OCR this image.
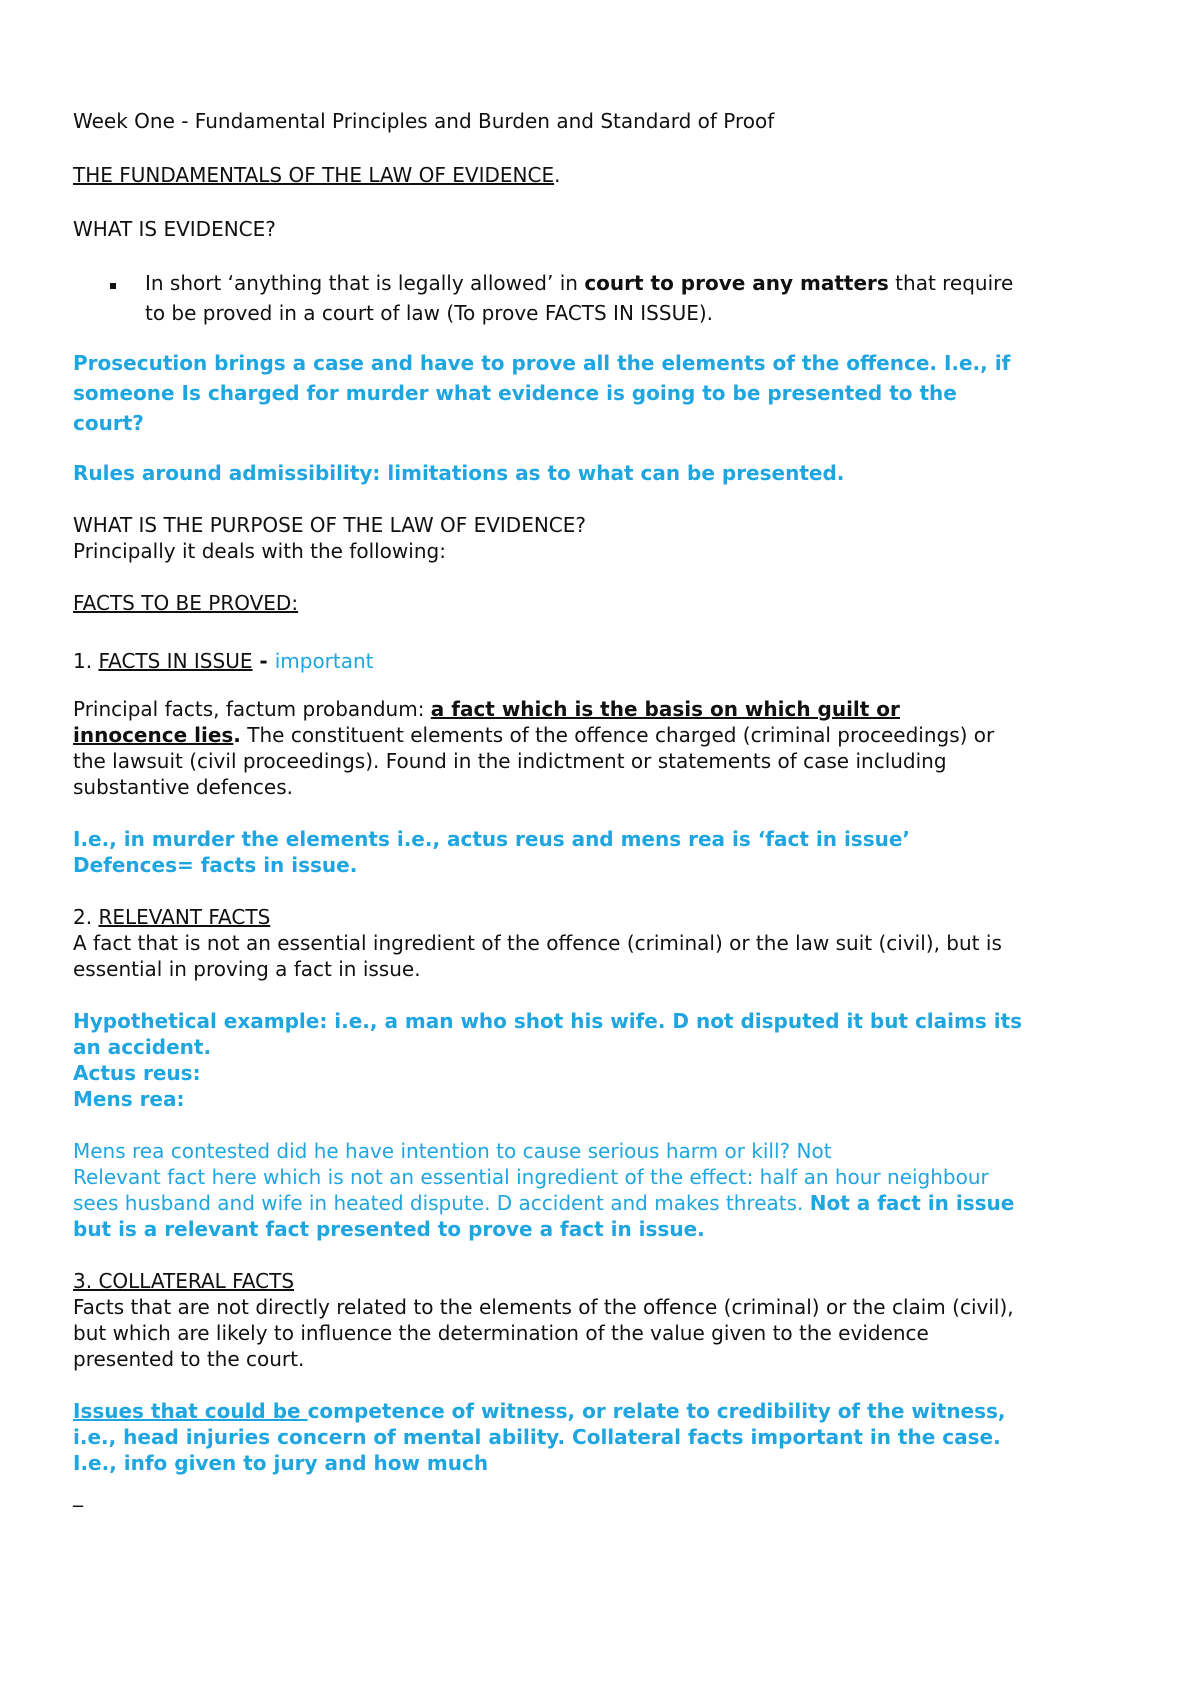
Week One - Fundamental Principles and Burden and Standard of Proof
THE FUNDAMENTALS OF THE LAW OF EVIDENCE.
WHAT IS EVIDENCE?
In short ‘anything that is legally allowed’ in court to prove any matters that require
to be proved in a court of law (To prove FACTS IN ISSUE).
Prosecution brings a case and have to prove all the elements of the offence. I.e., if
someone Is charged for murder what evidence is going to be presented to the
court?
Rules around admissibility: limitations as to what can be presented.
WHAT IS THE PURPOSE OF THE LAW OF EVIDENCE?
Principally it deals with the following:
FACTS TO BE PROVED:
1. FACTS IN ISSUE - important
Principal facts, factum probandum: a fact which is the basis on which guilt or
innocence lies. The constituent elements of the offence charged (criminal proceedings) or
the lawsuit (civil proceedings). Found in the indictment or statements of case including
substantive defences.
I.e., in murder the elements i.e., actus reus and mens rea is ‘fact in issue’
Defences= facts in issue.
2. RELEVANT FACTS
A fact that is not an essential ingredient of the offence (criminal) or the law suit (civil), but is
essential in proving a fact in issue.
Hypothetical example: i.e., a man who shot his wife. D not disputed it but claims its
an accident.
Actus reus:
Mens rea:
Mens rea contested did he have intention to cause serious harm or kill? Not
Relevant fact here which is not an essential ingredient of the effect: half an hour neighbour
sees husband and wife in heated dispute. D accident and makes threats. Not a fact in issue
but is a relevant fact presented to prove a fact in issue.
3. COLLATERAL FACTS
Facts that are not directly related to the elements of the offence (criminal) or the claim (civil),
but which are likely to influence the determination of the value given to the evidence
presented to the court.
Issues that could be competence of witness, or relate to credibility of the witness,
i.e., head injuries concern of mental ability. Collateral facts important in the case.
I.e., info given to jury and how much
_
